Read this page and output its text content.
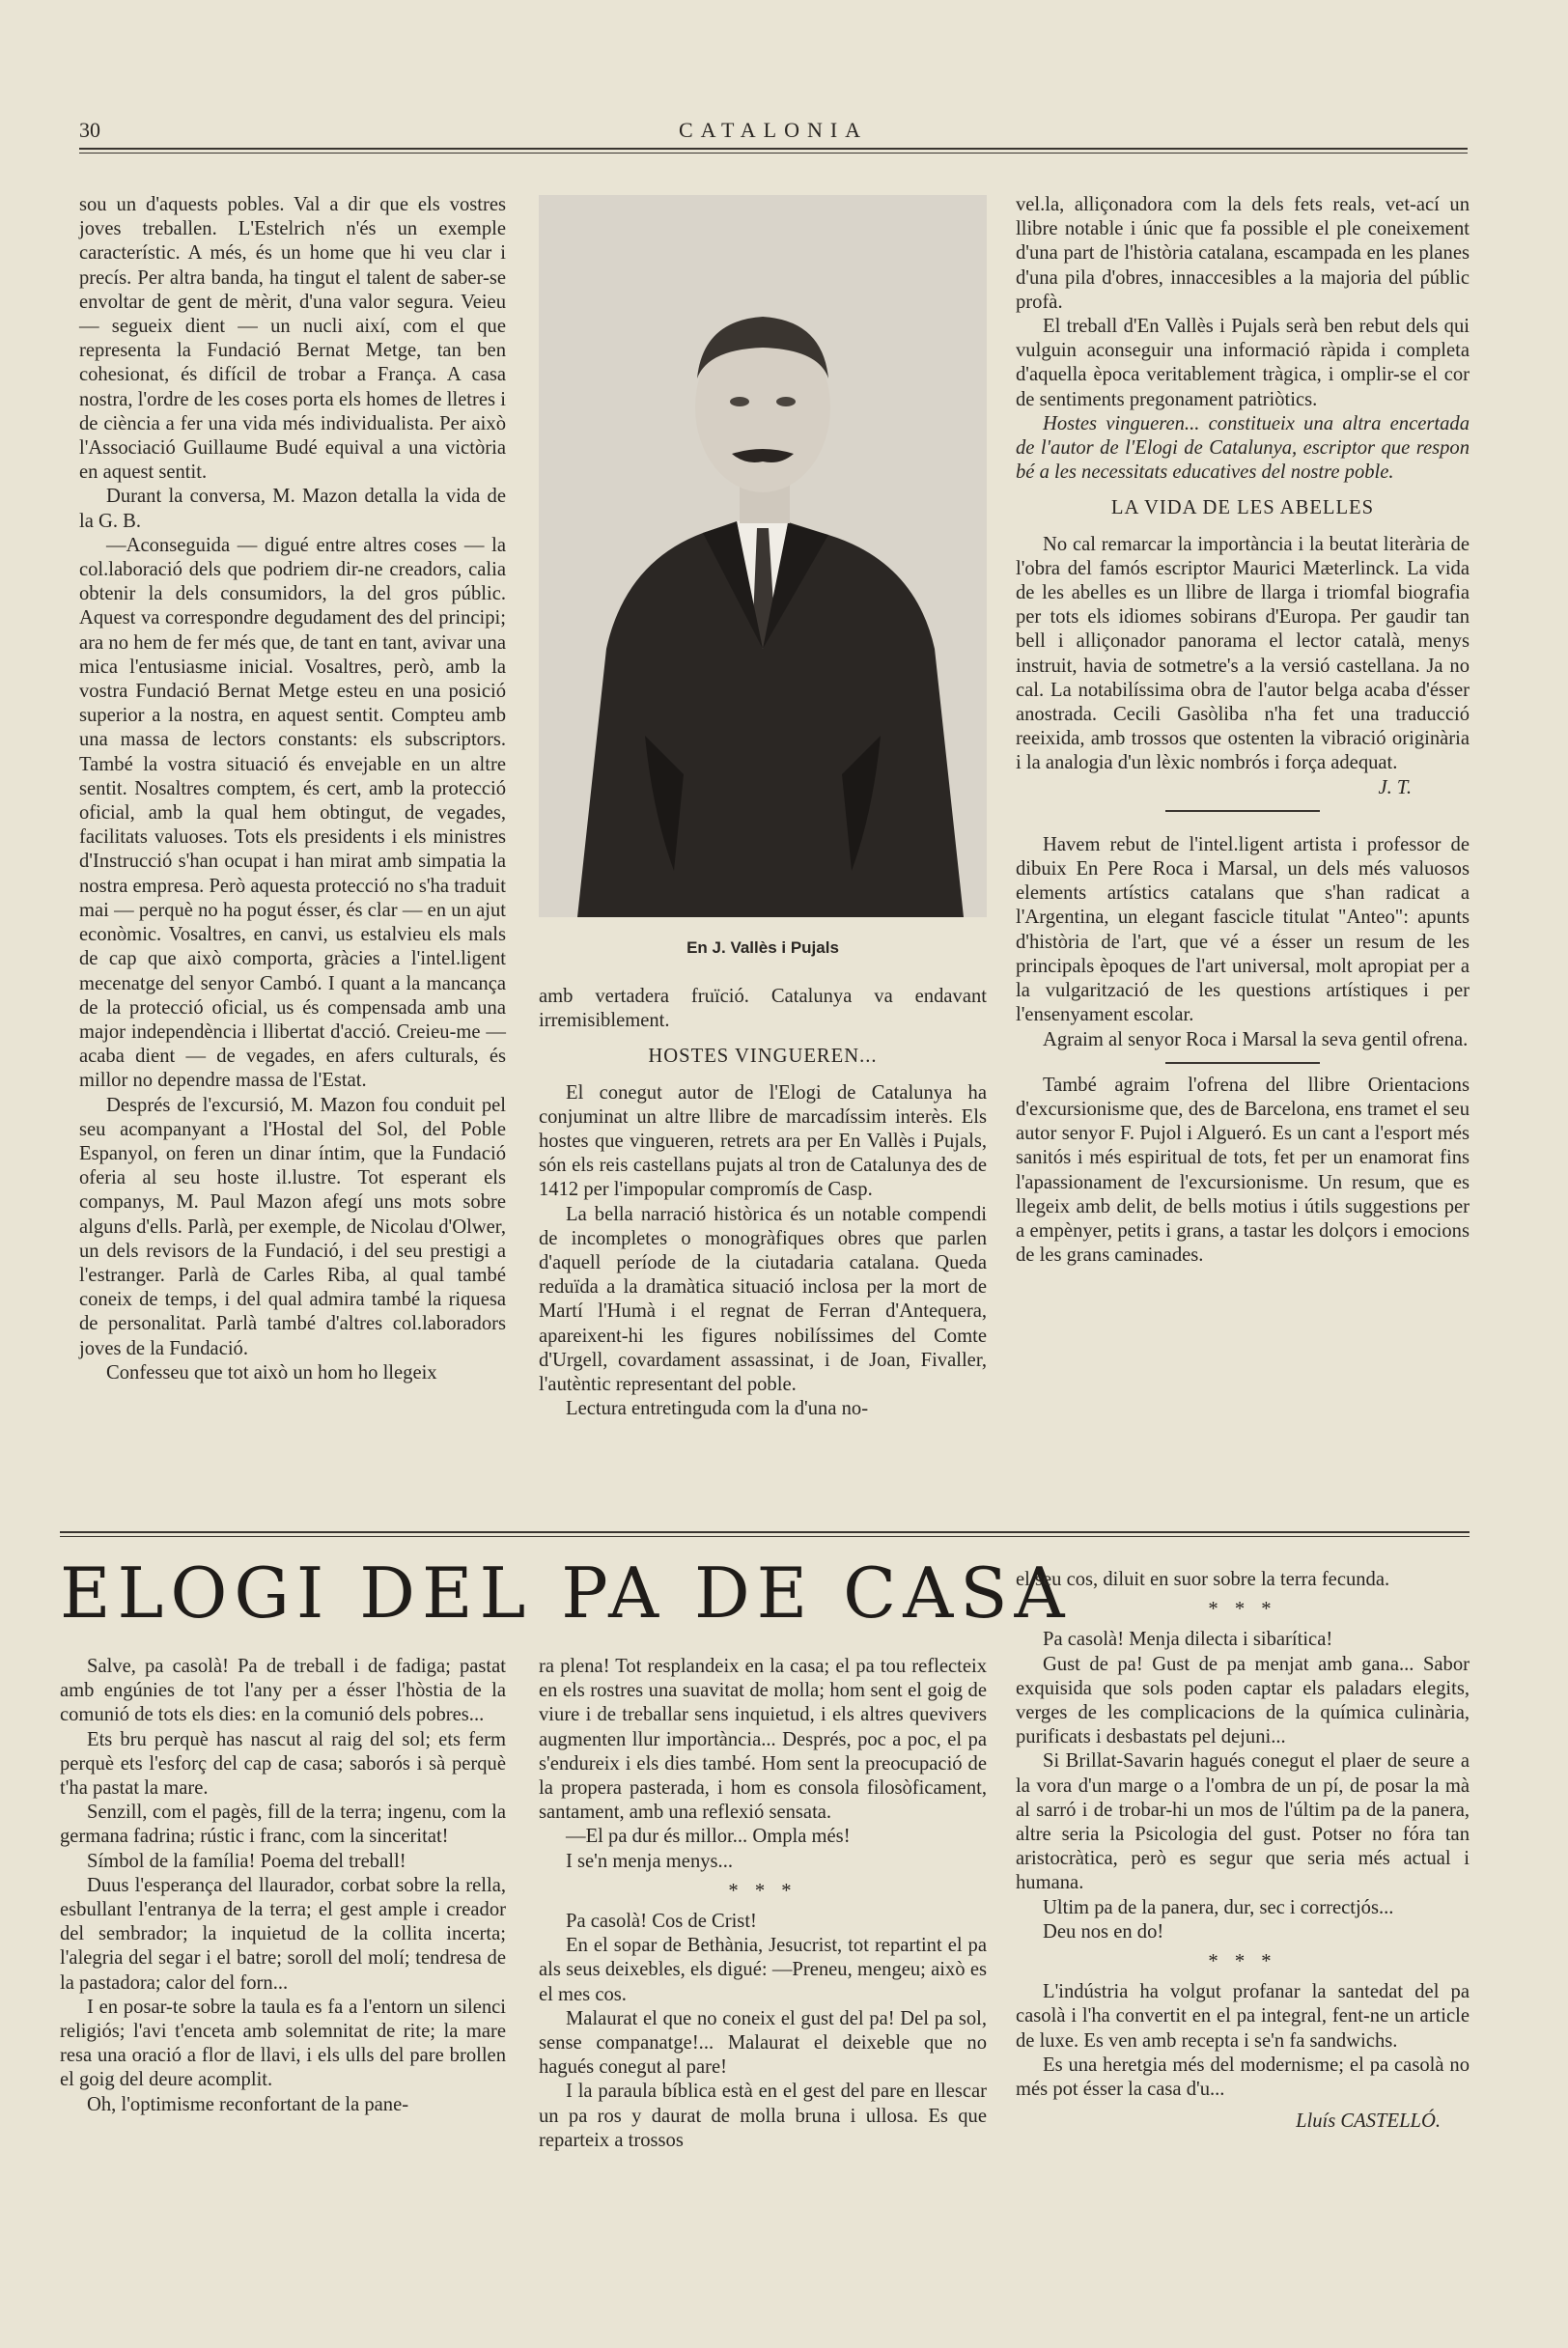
30	CATALONIA

sou un d'aquests pobles. Val a dir que els vostres joves treballen. L'Estelrich n'és un exemple característic. A més, és un home que hi veu clar i precís. Per altra banda, ha tingut el talent de saber-se envoltar de gent de mèrit, d'una valor segura. Veieu — segueix dient — un nucli així, com el que representa la Fundació Bernat Metge, tan ben cohesionat, és difícil de trobar a França. A casa nostra, l'ordre de les coses porta els homes de lletres i de ciència a fer una vida més individualista. Per això l'Associació Guillaume Budé equival a una victòria en aquest sentit.

Durant la conversa, M. Mazon detalla la vida de la G. B.

—Aconseguida — digué entre altres coses — la col.laboració dels que podriem dir-ne creadors, calia obtenir la dels consumidors, la del gros públic. Aquest va correspondre degudament des del principi; ara no hem de fer més que, de tant en tant, avivar una mica l'entusiasme inicial. Vosaltres, però, amb la vostra Fundació Bernat Metge esteu en una posició superior a la nostra, en aquest sentit. Compteu amb una massa de lectors constants: els subscriptors. També la vostra situació és envejable en un altre sentit. Nosaltres comptem, és cert, amb la protecció oficial, amb la qual hem obtingut, de vegades, facilitats valuoses. Tots els presidents i els ministres d'Instrucció s'han ocupat i han mirat amb simpatia la nostra empresa. Però aquesta protecció no s'ha traduit mai — perquè no ha pogut ésser, és clar — en un ajut econòmic. Vosaltres, en canvi, us estalvieu els mals de cap que això comporta, gràcies a l'intel.ligent mecenatge del senyor Cambó. I quant a la mancança de la protecció oficial, us és compensada amb una major independència i llibertat d'acció. Creieu-me — acaba dient — de vegades, en afers culturals, és millor no dependre massa de l'Estat.

Després de l'excursió, M. Mazon fou conduit pel seu acompanyant a l'Hostal del Sol, del Poble Espanyol, on feren un dinar íntim, que la Fundació oferia al seu hoste il.lustre. Tot esperant els companys, M. Paul Mazon afegí uns mots sobre alguns d'ells. Parlà, per exemple, de Nicolau d'Olwer, un dels revisors de la Fundació, i del seu prestigi a l'estranger. Parlà de Carles Riba, al qual també coneix de temps, i del qual admira també la riquesa de personalitat. Parlà també d'altres col.laboradors joves de la Fundació.

Confesseu que tot això un hom ho llegeix

En J. Vallès i Pujals

amb vertadera fruïció. Catalunya va endavant irremisiblement.

HOSTES VINGUEREN...

El conegut autor de l'Elogi de Catalunya ha conjuminat un altre llibre de marcadíssim interès. Els hostes que vingueren, retrets ara per En Vallès i Pujals, són els reis castellans pujats al tron de Catalunya des de 1412 per l'impopular compromís de Casp.

La bella narració històrica és un notable compendi de incompletes o monogràfiques obres que parlen d'aquell període de la ciutadaria catalana. Queda reduïda a la dramàtica situació inclosa per la mort de Martí l'Humà i el regnat de Ferran d'Antequera, apareixent-hi les figures nobilíssimes del Comte d'Urgell, covardament assassinat, i de Joan, Fivaller, l'autèntic representant del poble.

Lectura entretinguda com la d'una no-

vel.la, alliçonadora com la dels fets reals, vet-ací un llibre notable i únic que fa possible el ple coneixement d'una part de l'història catalana, escampada en les planes d'una pila d'obres, innaccesibles a la majoria del públic profà.

El treball d'En Vallès i Pujals serà ben rebut dels qui vulguin aconseguir una informació ràpida i completa d'aquella època veritablement tràgica, i omplir-se el cor de sentiments pregonament patriòtics.

Hostes vingueren... constitueix una altra encertada de l'autor de l'Elogi de Catalunya, escriptor que respon bé a les necessitats educatives del nostre poble.

LA VIDA DE LES ABELLES

No cal remarcar la importància i la beutat literària de l'obra del famós escriptor Maurici Mæterlinck. La vida de les abelles es un llibre de llarga i triomfal biografia per tots els idiomes sobirans d'Europa. Per gaudir tan bell i alliçonador panorama el lector català, menys instruit, havia de sotmetre's a la versió castellana. Ja no cal. La notabilíssima obra de l'autor belga acaba d'ésser anostrada. Cecili Gasòliba n'ha fet una traducció reeixida, amb trossos que ostenten la vibració originària i la analogia d'un lèxic nombrós i força adequat.

J. T.

Havem rebut de l'intel.ligent artista i professor de dibuix En Pere Roca i Marsal, un dels més valuosos elements artístics catalans que s'han radicat a l'Argentina, un elegant fascicle titulat "Anteo": apunts d'història de l'art, que vé a ésser un resum de les principals èpoques de l'art universal, molt apropiat per a la vulgarització de les questions artístiques i per l'ensenyament escolar.

Agraim al senyor Roca i Marsal la seva gentil ofrena.

També agraim l'ofrena del llibre Orientacions d'excursionisme que, des de Barcelona, ens tramet el seu autor senyor F. Pujol i Algueró. Es un cant a l'esport més sanitós i més espiritual de tots, fet per un enamorat fins l'apassionament de l'excursionisme. Un resum, que es llegeix amb delit, de bells motius i útils suggestions per a empènyer, petits i grans, a tastar les dolçors i emocions de les grans caminades.

ELOGI DEL PA DE CASA

Salve, pa casolà! Pa de treball i de fadiga; pastat amb engúnies de tot l'any per a ésser l'hòstia de la comunió de tots els dies: en la comunió dels pobres...

Ets bru perquè has nascut al raig del sol; ets ferm perquè ets l'esforç del cap de casa; saborós i sà perquè t'ha pastat la mare.

Senzill, com el pagès, fill de la terra; ingenu, com la germana fadrina; rústic i franc, com la sinceritat!

Símbol de la família! Poema del treball!

Duus l'esperança del llaurador, corbat sobre la rella, esbullant l'entranya de la terra; el gest ample i creador del sembrador; la inquietud de la collita incerta; l'alegria del segar i el batre; soroll del molí; tendresa de la pastadora; calor del forn...

I en posar-te sobre la taula es fa a l'entorn un silenci religiós; l'avi t'enceta amb solemnitat de rite; la mare resa una oració a flor de llavi, i els ulls del pare brollen el goig del deure acomplit.

Oh, l'optimisme reconfortant de la pane-

ra plena! Tot resplandeix en la casa; el pa tou reflecteix en els rostres una suavitat de molla; hom sent el goig de viure i de treballar sens inquietud, i els altres quevivers augmenten llur importància... Després, poc a poc, el pa s'endureix i els dies també. Hom sent la preocupació de la propera pasterada, i hom es consola filosòficament, santament, amb una reflexió sensata.

—El pa dur és millor... Ompla més!

I se'n menja menys...

* * *

Pa casolà! Cos de Crist!

En el sopar de Bethània, Jesucrist, tot repartint el pa als seus deixebles, els digué: —Preneu, mengeu; això es el mes cos.

Malaurat el que no coneix el gust del pa! Del pa sol, sense companatge!... Malaurat el deixeble que no hagués conegut al pare!

I la paraula bíblica està en el gest del pare en llescar un pa ros y daurat de molla bruna i ullosa. Es que reparteix a trossos

el seu cos, diluit en suor sobre la terra fecunda.

* * *

Pa casolà! Menja dilecta i sibarítica!

Gust de pa! Gust de pa menjat amb gana... Sabor exquisida que sols poden captar els paladars elegits, verges de les complicacions de la química culinària, purificats i desbastats pel dejuni...

Si Brillat-Savarin hagués conegut el plaer de seure a la vora d'un marge o a l'ombra de un pí, de posar la mà al sarró i de trobar-hi un mos de l'últim pa de la panera, altre seria la Psicologia del gust. Potser no fóra tan aristocràtica, però es segur que seria més actual i humana.

Ultim pa de la panera, dur, sec i correctjós...

Deu nos en do!

* * *

L'indústria ha volgut profanar la santedat del pa casolà i l'ha convertit en el pa integral, fent-ne un article de luxe. Es ven amb recepta i se'n fa sandwichs.

Es una heretgia més del modernisme; el pa casolà no més pot ésser la casa d'u...

Lluís CASTELLÓ.
